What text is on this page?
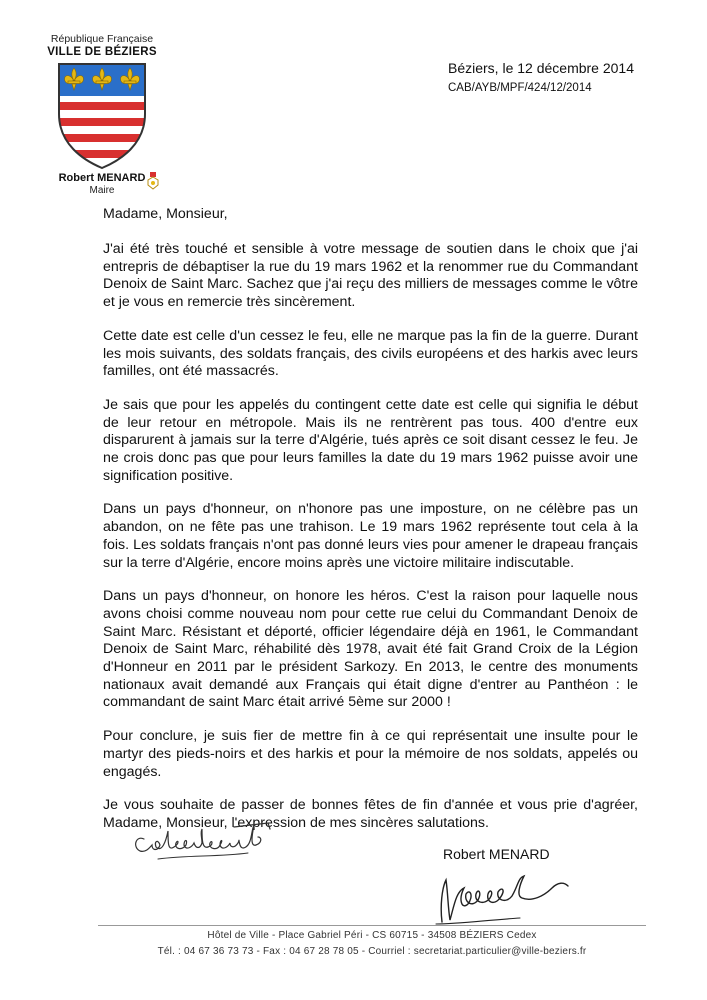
République Française
VILLE DE BÉZIERS
Robert MENARD
Maire
Béziers, le 12 décembre 2014
CAB/AYB/MPF/424/12/2014
Madame, Monsieur,

J'ai été très touché et sensible à votre message de soutien dans le choix que j'ai entrepris de débaptiser la rue du 19 mars 1962 et la renommer rue du Commandant Denoix de Saint Marc. Sachez que j'ai reçu des milliers de messages comme le vôtre et je vous en remercie très sincèrement.

Cette date est celle d'un cessez le feu, elle ne marque pas la fin de la guerre. Durant les mois suivants, des soldats français, des civils européens et des harkis avec leurs familles, ont été massacrés.

Je sais que pour les appelés du contingent cette date est celle qui signifia le début de leur retour en métropole. Mais ils ne rentrèrent pas tous. 400 d'entre eux disparurent à jamais sur la terre d'Algérie, tués après ce soit disant cessez le feu. Je ne crois donc pas que pour leurs familles la date du 19 mars 1962 puisse avoir une signification positive.

Dans un pays d'honneur, on n'honore pas une imposture, on ne célèbre pas un abandon, on ne fête pas une trahison. Le 19 mars 1962 représente tout cela à la fois. Les soldats français n'ont pas donné leurs vies pour amener le drapeau français sur la terre d'Algérie, encore moins après une victoire militaire indiscutable.

Dans un pays d'honneur, on honore les héros. C'est la raison pour laquelle nous avons choisi comme nouveau nom pour cette rue celui du Commandant Denoix de Saint Marc. Résistant et déporté, officier légendaire déjà en 1961, le Commandant Denoix de Saint Marc, réhabilité dès 1978, avait été fait Grand Croix de la Légion d'Honneur en 2011 par le président Sarkozy. En 2013, le centre des monuments nationaux avait demandé aux Français qui était digne d'entrer au Panthéon : le commandant de saint Marc était arrivé 5ème sur 2000 !

Pour conclure, je suis fier de mettre fin à ce qui représentait une insulte pour le martyr des pieds-noirs et des harkis et pour la mémoire de nos soldats, appelés ou engagés.

Je vous souhaite de passer de bonnes fêtes de fin d'année et vous prie d'agréer, Madame, Monsieur, l'expression de mes sincères salutations.

Robert MENARD
Hôtel de Ville - Place Gabriel Péri - CS 60715 - 34508 BÉZIERS Cedex
Tél. : 04 67 36 73 73 - Fax : 04 67 28 78 05 - Courriel : secretariat.particulier@ville-beziers.fr
